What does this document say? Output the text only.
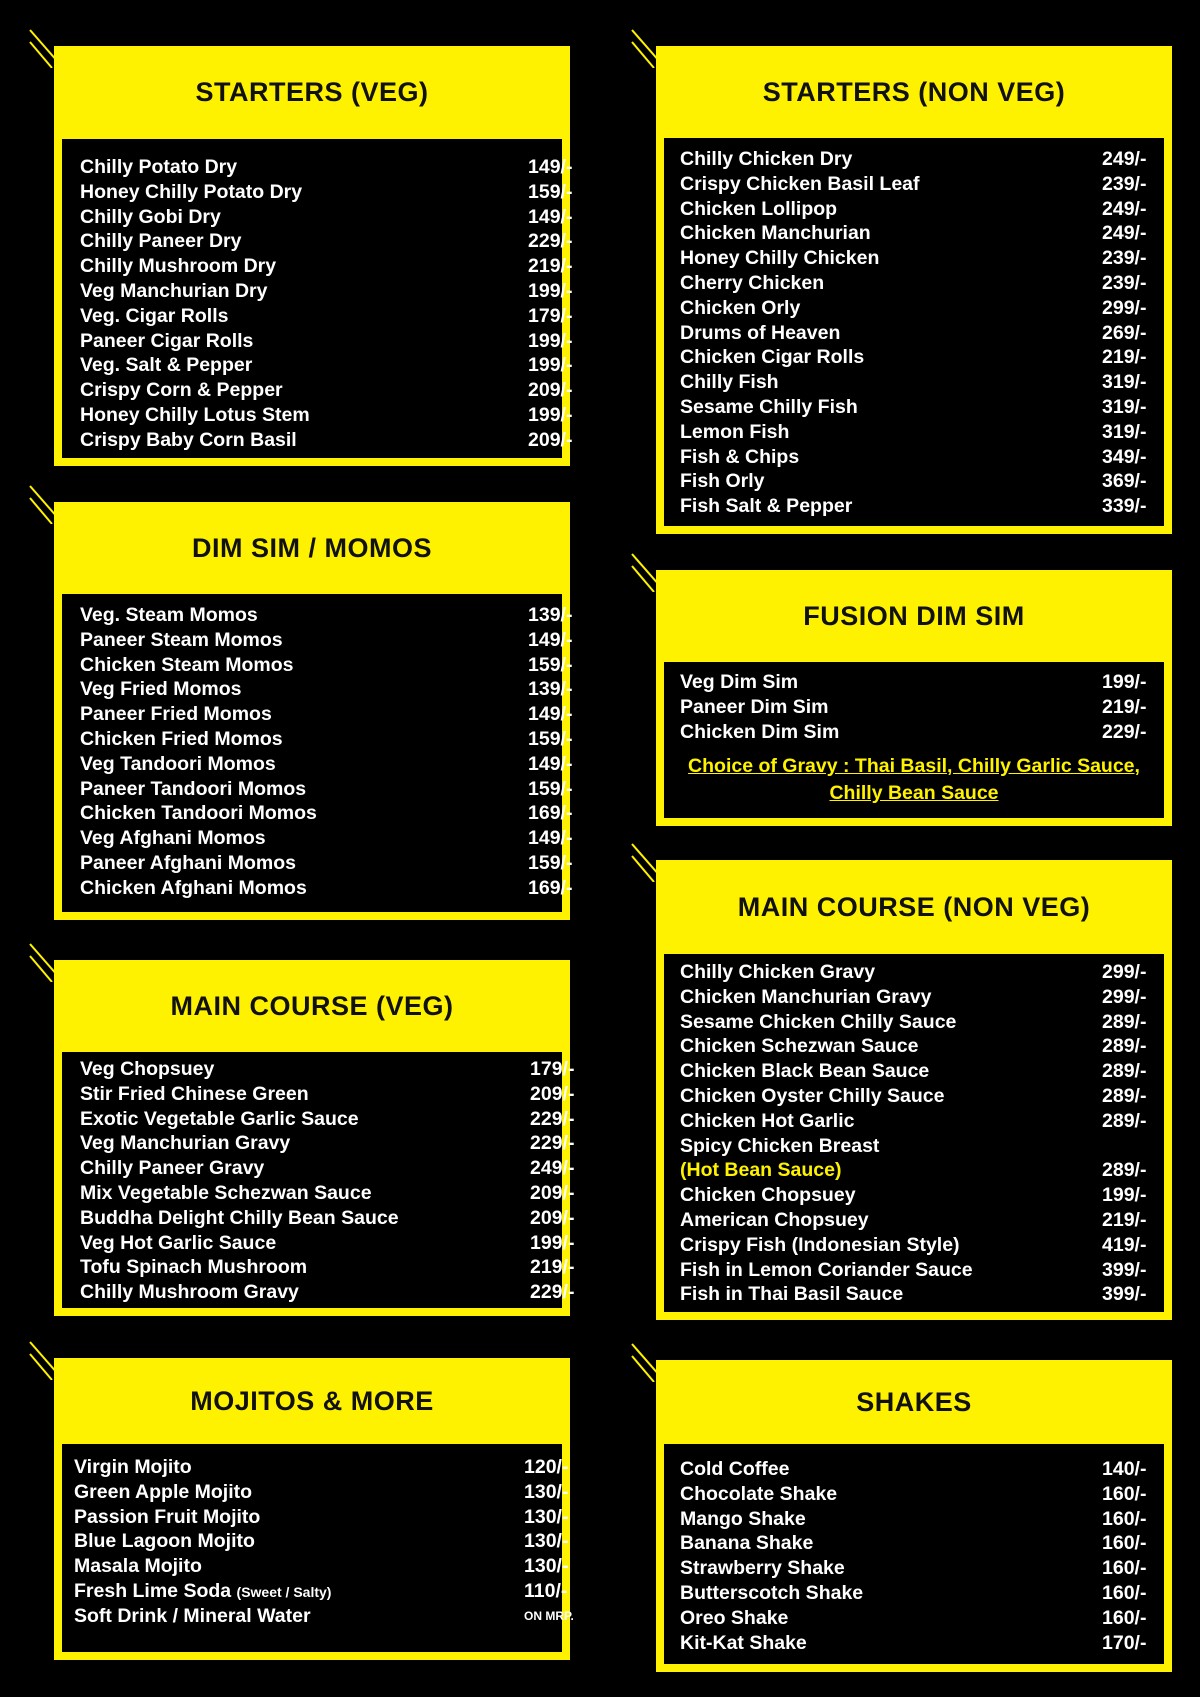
STARTERS (VEG)
Chilly Potato Dry	149/-
Honey Chilly Potato Dry	159/-
Chilly Gobi Dry	149/-
Chilly Paneer Dry	229/-
Chilly Mushroom Dry	219/-
Veg Manchurian Dry	199/-
Veg. Cigar Rolls	179/-
Paneer Cigar Rolls	199/-
Veg. Salt & Pepper	199/-
Crispy Corn & Pepper	209/-
Honey Chilly Lotus Stem	199/-
Crispy Baby Corn Basil	209/-
DIM SIM / MOMOS
Veg. Steam Momos	139/-
Paneer Steam Momos	149/-
Chicken Steam Momos	159/-
Veg Fried Momos	139/-
Paneer Fried Momos	149/-
Chicken Fried Momos	159/-
Veg Tandoori Momos	149/-
Paneer Tandoori Momos	159/-
Chicken Tandoori Momos	169/-
Veg Afghani Momos	149/-
Paneer Afghani Momos	159/-
Chicken Afghani Momos	169/-
MAIN COURSE (VEG)
Veg Chopsuey	179/-
Stir Fried Chinese Green	209/-
Exotic Vegetable Garlic Sauce	229/-
Veg Manchurian Gravy	229/-
Chilly Paneer Gravy	249/-
Mix Vegetable Schezwan Sauce	209/-
Buddha Delight Chilly Bean Sauce	209/-
Veg Hot Garlic Sauce	199/-
Tofu Spinach Mushroom	219/-
Chilly Mushroom Gravy	229/-
MOJITOS & MORE
Virgin Mojito	120/-
Green Apple Mojito	130/-
Passion Fruit Mojito	130/-
Blue Lagoon Mojito	130/-
Masala Mojito	130/-
Fresh Lime Soda (Sweet / Salty)	110/-
Soft Drink / Mineral Water	ON MRP.
STARTERS (NON VEG)
Chilly Chicken Dry	249/-
Crispy Chicken Basil Leaf	239/-
Chicken Lollipop	249/-
Chicken Manchurian	249/-
Honey Chilly Chicken	239/-
Cherry Chicken	239/-
Chicken Orly	299/-
Drums of Heaven	269/-
Chicken Cigar Rolls	219/-
Chilly Fish	319/-
Sesame Chilly Fish	319/-
Lemon Fish	319/-
Fish & Chips	349/-
Fish Orly	369/-
Fish Salt & Pepper	339/-
FUSION DIM SIM
Veg Dim Sim	199/-
Paneer Dim Sim	219/-
Chicken Dim Sim	229/-
Choice of Gravy : Thai Basil, Chilly Garlic Sauce,
Chilly Bean Sauce
MAIN COURSE (NON VEG)
Chilly Chicken Gravy	299/-
Chicken Manchurian Gravy	299/-
Sesame Chicken Chilly Sauce	289/-
Chicken Schezwan Sauce	289/-
Chicken Black Bean Sauce	289/-
Chicken Oyster Chilly Sauce	289/-
Chicken Hot Garlic	289/-
Spicy Chicken Breast
(Hot Bean Sauce)	289/-
Chicken Chopsuey	199/-
American Chopsuey	219/-
Crispy Fish (Indonesian Style)	419/-
Fish in Lemon Coriander Sauce	399/-
Fish in Thai Basil Sauce	399/-
SHAKES
Cold Coffee	140/-
Chocolate Shake	160/-
Mango Shake	160/-
Banana Shake	160/-
Strawberry Shake	160/-
Butterscotch Shake	160/-
Oreo Shake	160/-
Kit-Kat Shake	170/-
